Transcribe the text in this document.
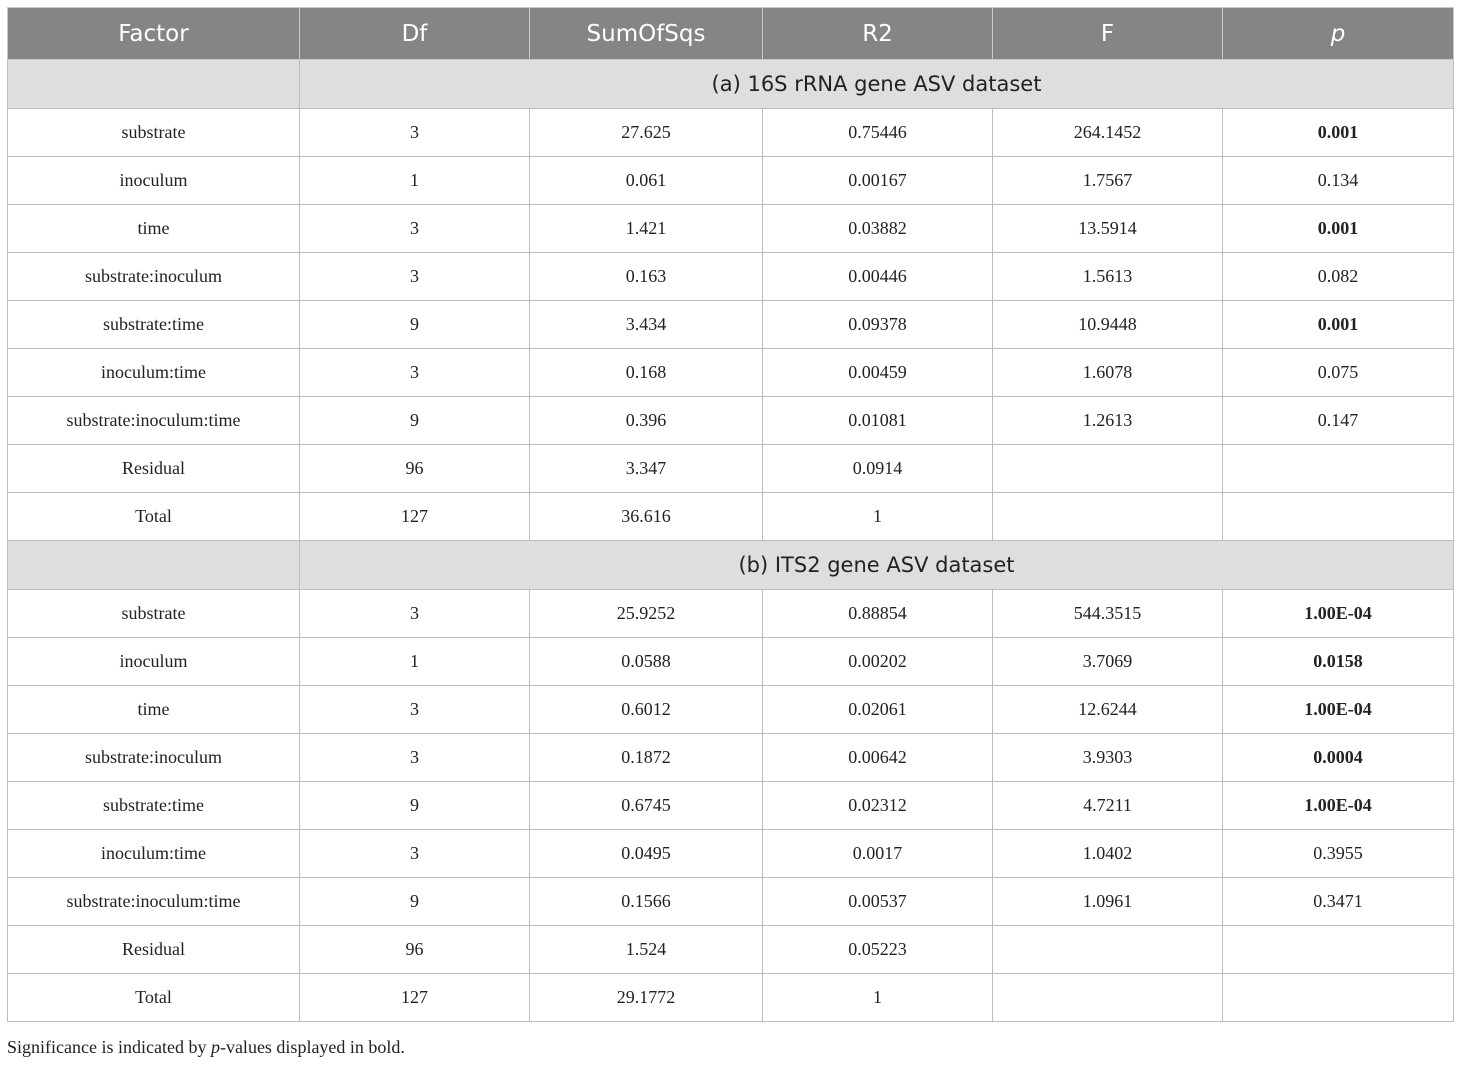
Factor	Df	SumOfSqs	R2	F	p
	(a) 16S rRNA gene ASV dataset				
substrate	3	27.625	0.75446	264.1452	0.001
inoculum	1	0.061	0.00167	1.7567	0.134
time	3	1.421	0.03882	13.5914	0.001
substrate:inoculum	3	0.163	0.00446	1.5613	0.082
substrate:time	9	3.434	0.09378	10.9448	0.001
inoculum:time	3	0.168	0.00459	1.6078	0.075
substrate:inoculum:time	9	0.396	0.01081	1.2613	0.147
Residual	96	3.347	0.0914		
Total	127	36.616	1		
	(b) ITS2 gene ASV dataset				
substrate	3	25.9252	0.88854	544.3515	1.00E-04
inoculum	1	0.0588	0.00202	3.7069	0.0158
time	3	0.6012	0.02061	12.6244	1.00E-04
substrate:inoculum	3	0.1872	0.00642	3.9303	0.0004
substrate:time	9	0.6745	0.02312	4.7211	1.00E-04
inoculum:time	3	0.0495	0.0017	1.0402	0.3955
substrate:inoculum:time	9	0.1566	0.00537	1.0961	0.3471
Residual	96	1.524	0.05223		
Total	127	29.1772	1		
Significance is indicated by p-values displayed in bold.
